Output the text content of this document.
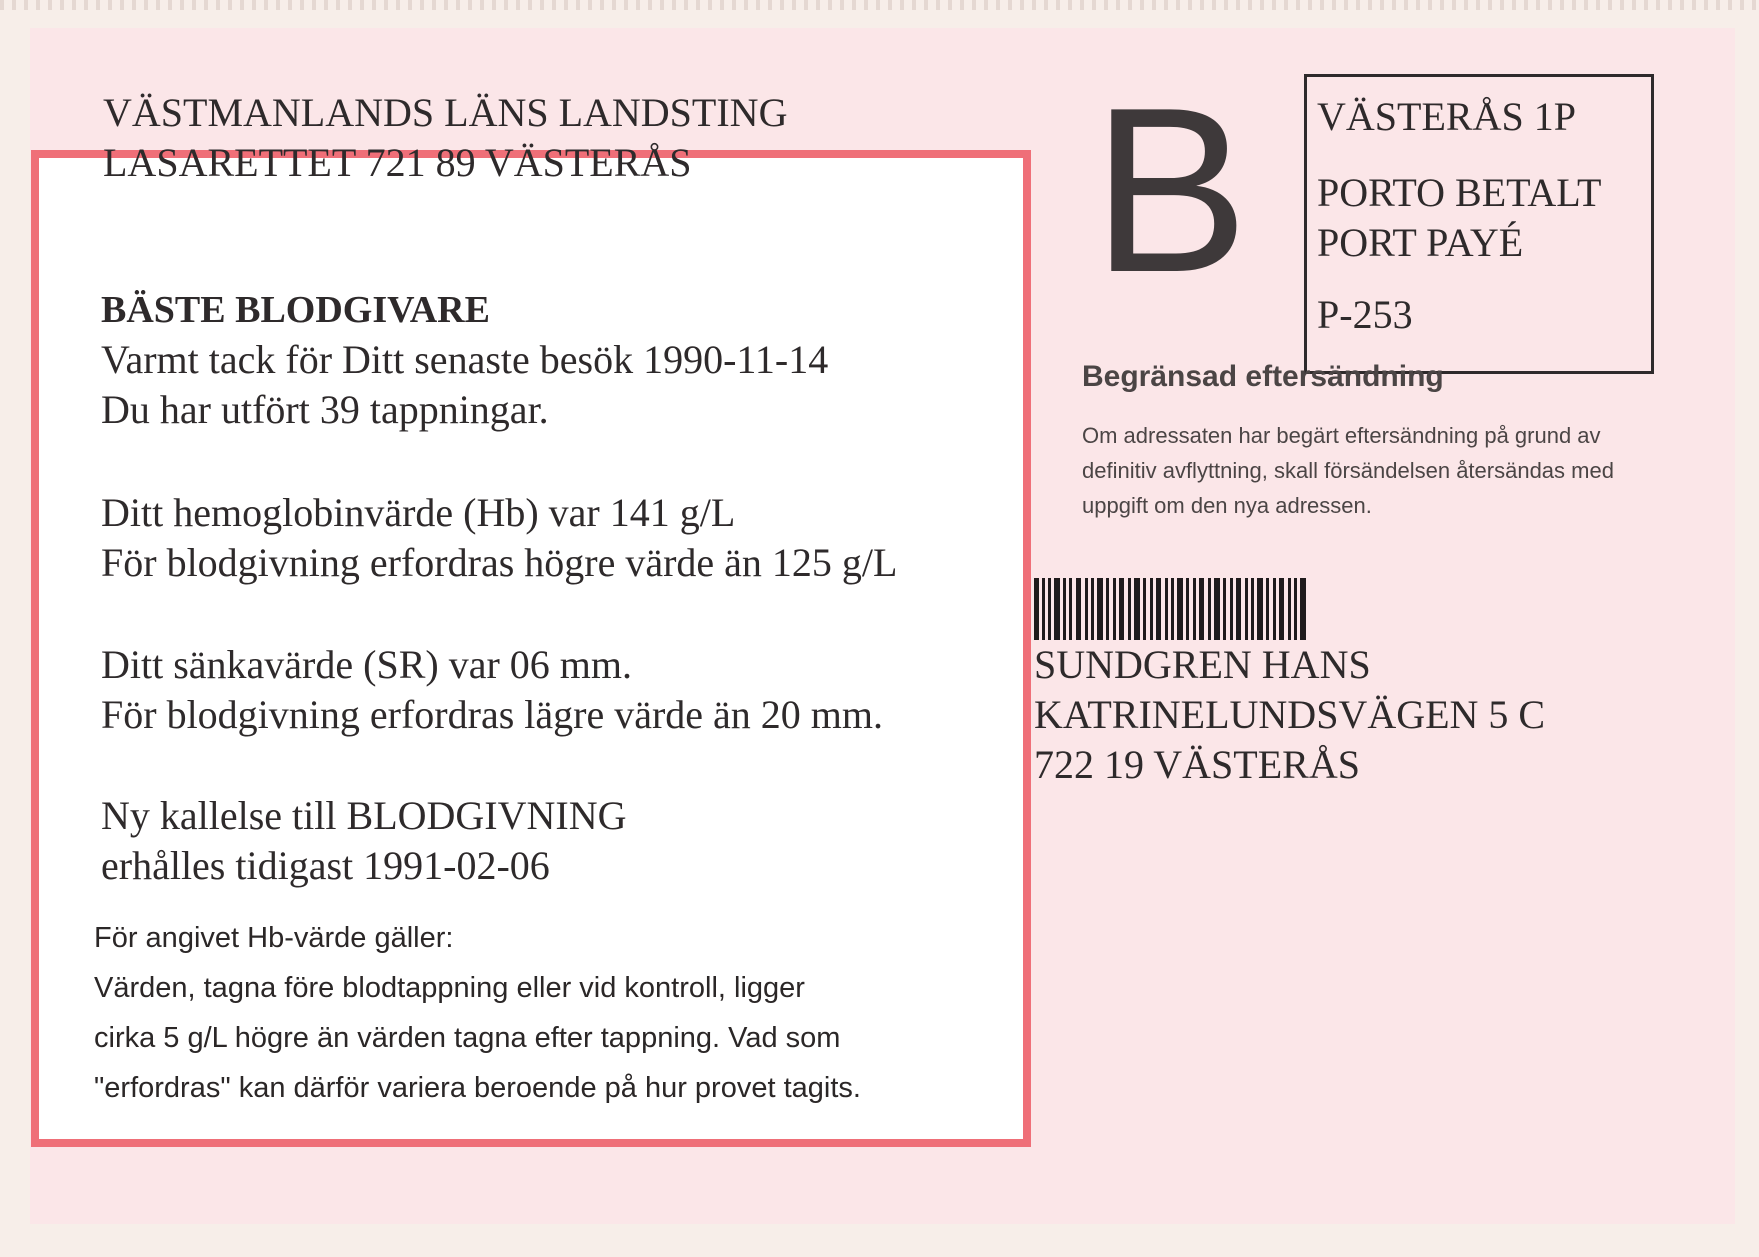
VÄSTMANLANDS LÄNS LANDSTING
LASARETTET 721 89 VÄSTERÅS
BÄSTE BLODGIVARE
Varmt tack för Ditt senaste besök 1990-11-14
Du har utfört 39 tappningar.
Ditt hemoglobinvärde (Hb) var 141 g/L
För blodgivning erfordras högre värde än 125 g/L
Ditt sänkavärde (SR) var 06 mm.
För blodgivning erfordras lägre värde än 20 mm.
Ny kallelse till BLODGIVNING
erhålles tidigast 1991-02-06
För angivet Hb-värde gäller:
Värden, tagna före blodtappning eller vid kontroll, ligger
cirka 5 g/L högre än värden tagna efter tappning. Vad som
"erfordras" kan därför variera beroende på hur provet tagits.
B VÄSTERÅS 1P
PORTO BETALT
PORT PAYÉ
P-253
Begränsad eftersändning
Om adressaten har begärt eftersändning på grund av
definitiv avflyttning, skall försändelsen återsändas med
uppgift om den nya adressen.
SUNDGREN HANS
KATRINELUNDSVÄGEN 5 C
722 19 VÄSTERÅS
